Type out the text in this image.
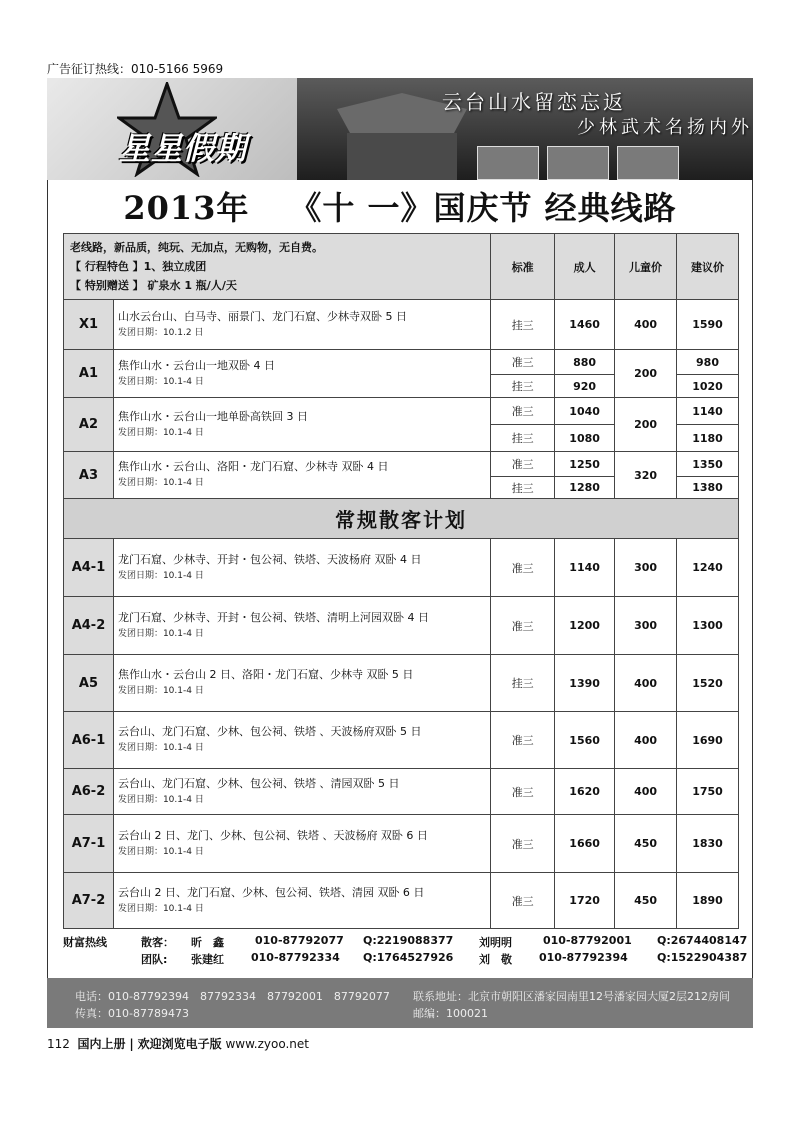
广告征订热线：010-5166 5969
星星假期
云台山水留恋忘返
少林武术名扬内外
2013年 《十 一》国庆节 经典线路
老线路，新品质，纯玩、无加点，无购物，无自费。
【 行程特色 】1、独立成团
【 特别赠送 】 矿泉水 1 瓶/人/天		标准	成人	儿童价	建议价
X1	山水云台山、白马寺、丽景门、龙门石窟、少林寺双卧 5 日
发团日期：10.1.2 日	挂三	1460	400	1590
A1	焦作山水・云台山一地双卧 4 日
发团日期：10.1-4 日	准三	880	200	980
		挂三	920		1020
A2	焦作山水・云台山一地单卧高铁回 3 日
发团日期：10.1-4 日	准三	1040	200	1140
		挂三	1080		1180
A3	焦作山水・云台山、洛阳・龙门石窟、少林寺 双卧 4 日
发团日期：10.1-4 日	准三	1250	320	1350
		挂三	1280		1380
常规散客计划					
A4-1	龙门石窟、少林寺、开封・包公祠、铁塔、天波杨府 双卧 4 日
发团日期：10.1-4 日	准三	1140	300	1240
A4-2	龙门石窟、少林寺、开封・包公祠、铁塔、清明上河园双卧 4 日
发团日期：10.1-4 日	准三	1200	300	1300
A5	焦作山水・云台山 2 日、洛阳・龙门石窟、少林寺 双卧 5 日
发团日期：10.1-4 日	挂三	1390	400	1520
A6-1	云台山、龙门石窟、少林、包公祠、铁塔 、天波杨府双卧 5 日
发团日期：10.1-4 日	准三	1560	400	1690
A6-2	云台山、龙门石窟、少林、包公祠、铁塔 、清园双卧 5 日
发团日期：10.1-4 日	准三	1620	400	1750
A7-1	云台山 2 日、龙门、少林、包公祠、铁塔 、天波杨府 双卧 6 日
发团日期：10.1-4 日	准三	1660	450	1830
A7-2	云台山 2 日、龙门石窟、少林、包公祠、铁塔、清园 双卧 6 日
发团日期：10.1-4 日	准三	1720	450	1890
财富热线	散客： 昕　鑫	010-87792077 Q:2219088377 刘明明	010-87792001 Q:2674408147
团队: 张建红 010-87792334 Q:1764527926 刘　敬 010-87792394	Q:1522904387
电话：010-87792394　87792334　87792001　87792077
传真：010-87789473
联系地址：北京市朝阳区潘家园南里12号潘家园大厦2层212房间
邮编：100021
112 国内上册 | 欢迎浏览电子版 www.zyoo.net
